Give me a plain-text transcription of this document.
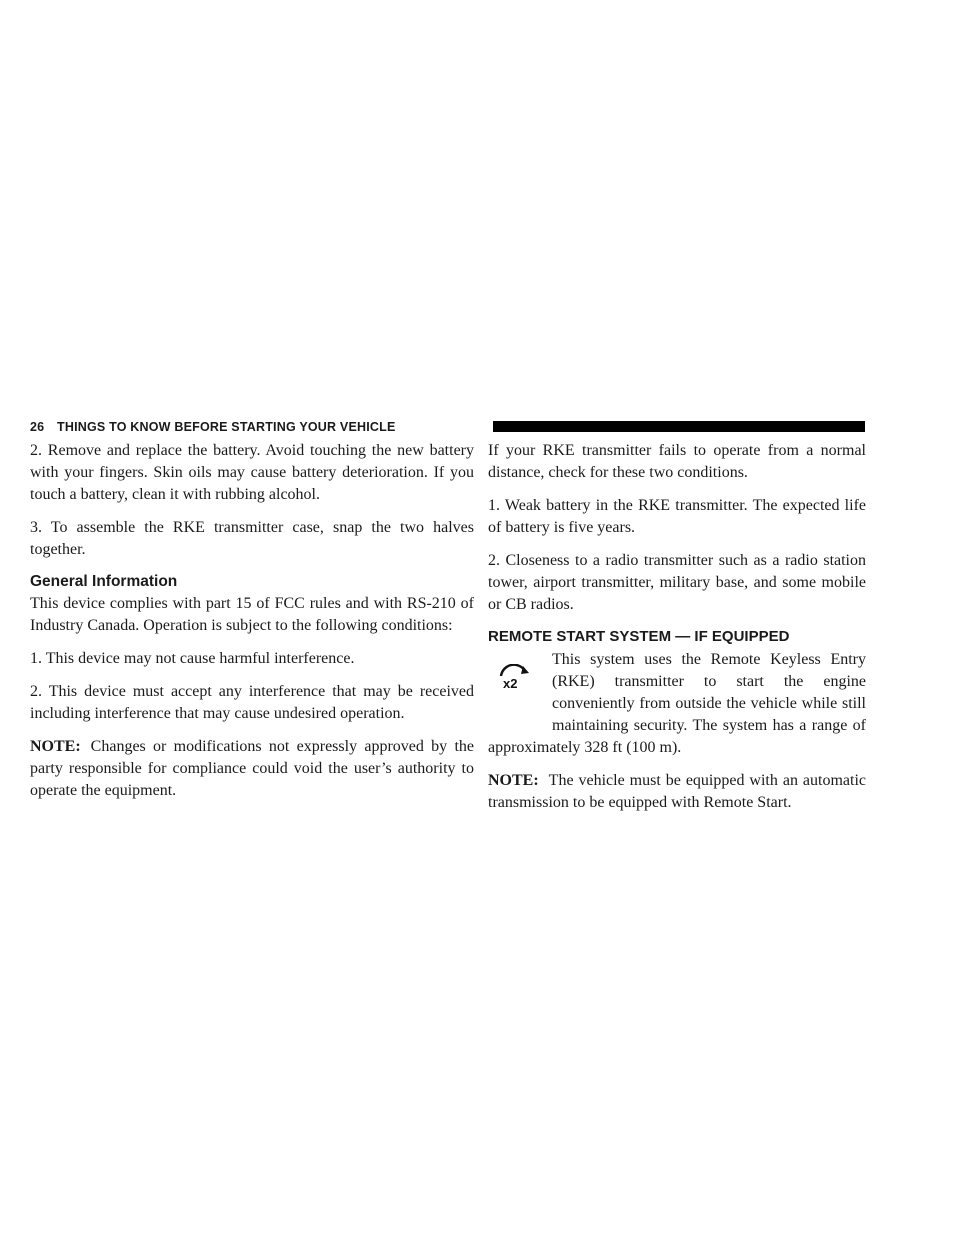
26 THINGS TO KNOW BEFORE STARTING YOUR VEHICLE

2. Remove and replace the battery. Avoid touching the new battery with your fingers. Skin oils may cause battery deterioration. If you touch a battery, clean it with rubbing alcohol.

3. To assemble the RKE transmitter case, snap the two halves together.

General Information

This device complies with part 15 of FCC rules and with RS-210 of Industry Canada. Operation is subject to the following conditions:

1. This device may not cause harmful interference.

2. This device must accept any interference that may be received including interference that may cause undesired operation.

NOTE: Changes or modifications not expressly approved by the party responsible for compliance could void the user’s authority to operate the equipment.

If your RKE transmitter fails to operate from a normal distance, check for these two conditions.

1. Weak battery in the RKE transmitter. The expected life of battery is five years.

2. Closeness to a radio transmitter such as a radio station tower, airport transmitter, military base, and some mobile or CB radios.

REMOTE START SYSTEM — IF EQUIPPED
x2

This system uses the Remote Keyless Entry (RKE) transmitter to start the engine conveniently from outside the vehicle while still maintaining security. The system has a range of approximately 328 ft (100 m).

NOTE: The vehicle must be equipped with an automatic transmission to be equipped with Remote Start.
